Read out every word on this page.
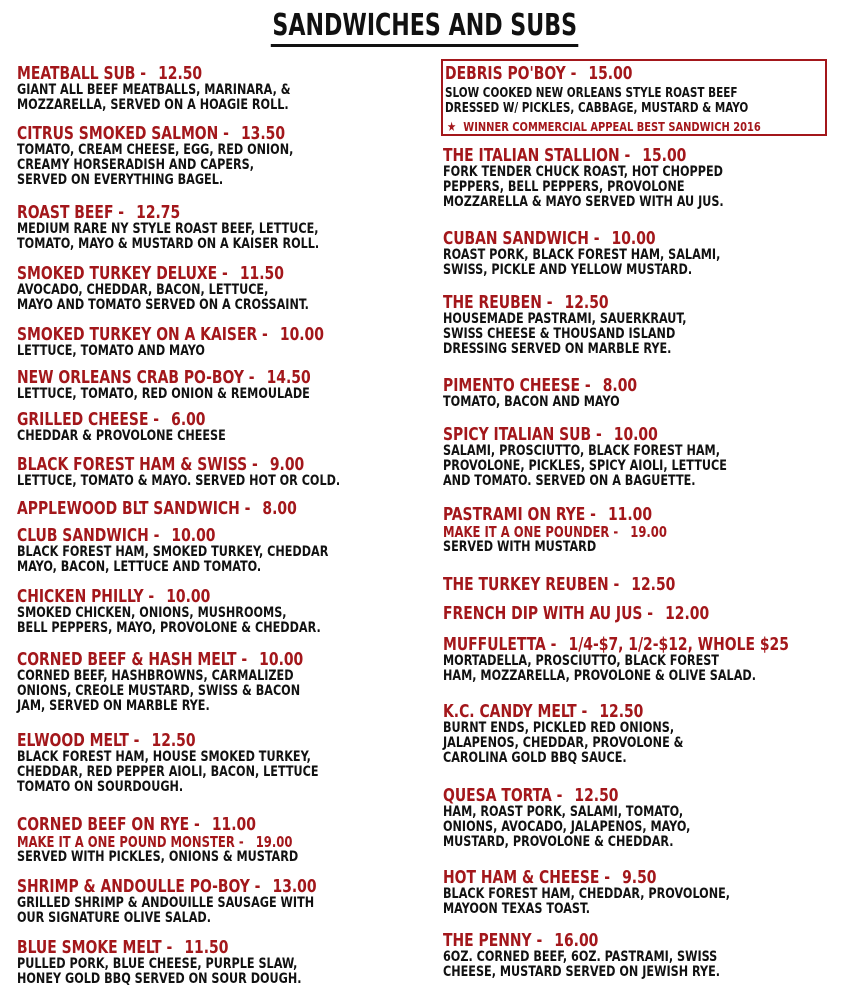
SANDWICHES AND SUBS
DEBRIS PO'BOY - 15.00
SLOW COOKED NEW ORLEANS STYLE ROAST BEEF
DRESSED W/ PICKLES, CABBAGE, MUSTARD & MAYO
★ WINNER COMMERCIAL APPEAL BEST SANDWICH 2016
MEATBALL SUB - 12.50
GIANT ALL BEEF MEATBALLS, MARINARA, &
MOZZARELLA, SERVED ON A HOAGIE ROLL.
CITRUS SMOKED SALMON - 13.50
TOMATO, CREAM CHEESE, EGG, RED ONION,
CREAMY HORSERADISH AND CAPERS,
SERVED ON EVERYTHING BAGEL.
ROAST BEEF - 12.75
MEDIUM RARE NY STYLE ROAST BEEF, LETTUCE,
TOMATO, MAYO & MUSTARD ON A KAISER ROLL.
SMOKED TURKEY DELUXE - 11.50
AVOCADO, CHEDDAR, BACON, LETTUCE,
MAYO AND TOMATO SERVED ON A CROSSAINT.
SMOKED TURKEY ON A KAISER - 10.00
LETTUCE, TOMATO AND MAYO
NEW ORLEANS CRAB PO-BOY - 14.50
LETTUCE, TOMATO, RED ONION & REMOULADE
GRILLED CHEESE - 6.00
CHEDDAR & PROVOLONE CHEESE
BLACK FOREST HAM & SWISS - 9.00
LETTUCE, TOMATO & MAYO. SERVED HOT OR COLD.
APPLEWOOD BLT SANDWICH - 8.00
CLUB SANDWICH - 10.00
BLACK FOREST HAM, SMOKED TURKEY, CHEDDAR
MAYO, BACON, LETTUCE AND TOMATO.
CHICKEN PHILLY - 10.00
SMOKED CHICKEN, ONIONS, MUSHROOMS,
BELL PEPPERS, MAYO, PROVOLONE & CHEDDAR.
CORNED BEEF & HASH MELT - 10.00
CORNED BEEF, HASHBROWNS, CARMALIZED
ONIONS, CREOLE MUSTARD, SWISS & BACON
JAM, SERVED ON MARBLE RYE.
ELWOOD MELT - 12.50
BLACK FOREST HAM, HOUSE SMOKED TURKEY,
CHEDDAR, RED PEPPER AIOLI, BACON, LETTUCE
TOMATO ON SOURDOUGH.
CORNED BEEF ON RYE - 11.00
MAKE IT A ONE POUND MONSTER - 19.00
SERVED WITH PICKLES, ONIONS & MUSTARD
SHRIMP & ANDOULLE PO-BOY - 13.00
GRILLED SHRIMP & ANDOUILLE SAUSAGE WITH
OUR SIGNATURE OLIVE SALAD.
BLUE SMOKE MELT - 11.50
PULLED PORK, BLUE CHEESE, PURPLE SLAW,
HONEY GOLD BBQ SERVED ON SOUR DOUGH.
THE ITALIAN STALLION - 15.00
FORK TENDER CHUCK ROAST, HOT CHOPPED
PEPPERS, BELL PEPPERS, PROVOLONE
MOZZARELLA & MAYO SERVED WITH AU JUS.
CUBAN SANDWICH - 10.00
ROAST PORK, BLACK FOREST HAM, SALAMI,
SWISS, PICKLE AND YELLOW MUSTARD.
THE REUBEN - 12.50
HOUSEMADE PASTRAMI, SAUERKRAUT,
SWISS CHEESE & THOUSAND ISLAND
DRESSING SERVED ON MARBLE RYE.
PIMENTO CHEESE - 8.00
TOMATO, BACON AND MAYO
SPICY ITALIAN SUB - 10.00
SALAMI, PROSCIUTTO, BLACK FOREST HAM,
PROVOLONE, PICKLES, SPICY AIOLI, LETTUCE
AND TOMATO. SERVED ON A BAGUETTE.
PASTRAMI ON RYE - 11.00
MAKE IT A ONE POUNDER - 19.00
SERVED WITH MUSTARD
THE TURKEY REUBEN - 12.50
FRENCH DIP WITH AU JUS - 12.00
MUFFULETTA - 1/4-$7, 1/2-$12, WHOLE $25
MORTADELLA, PROSCIUTTO, BLACK FOREST
HAM, MOZZARELLA, PROVOLONE & OLIVE SALAD.
K.C. CANDY MELT - 12.50
BURNT ENDS, PICKLED RED ONIONS,
JALAPENOS, CHEDDAR, PROVOLONE &
CAROLINA GOLD BBQ SAUCE.
QUESA TORTA - 12.50
HAM, ROAST PORK, SALAMI, TOMATO,
ONIONS, AVOCADO, JALAPENOS, MAYO,
MUSTARD, PROVOLONE & CHEDDAR.
HOT HAM & CHEESE - 9.50
BLACK FOREST HAM, CHEDDAR, PROVOLONE,
MAYOON TEXAS TOAST.
THE PENNY - 16.00
6OZ. CORNED BEEF, 6OZ. PASTRAMI, SWISS
CHEESE, MUSTARD SERVED ON JEWISH RYE.
